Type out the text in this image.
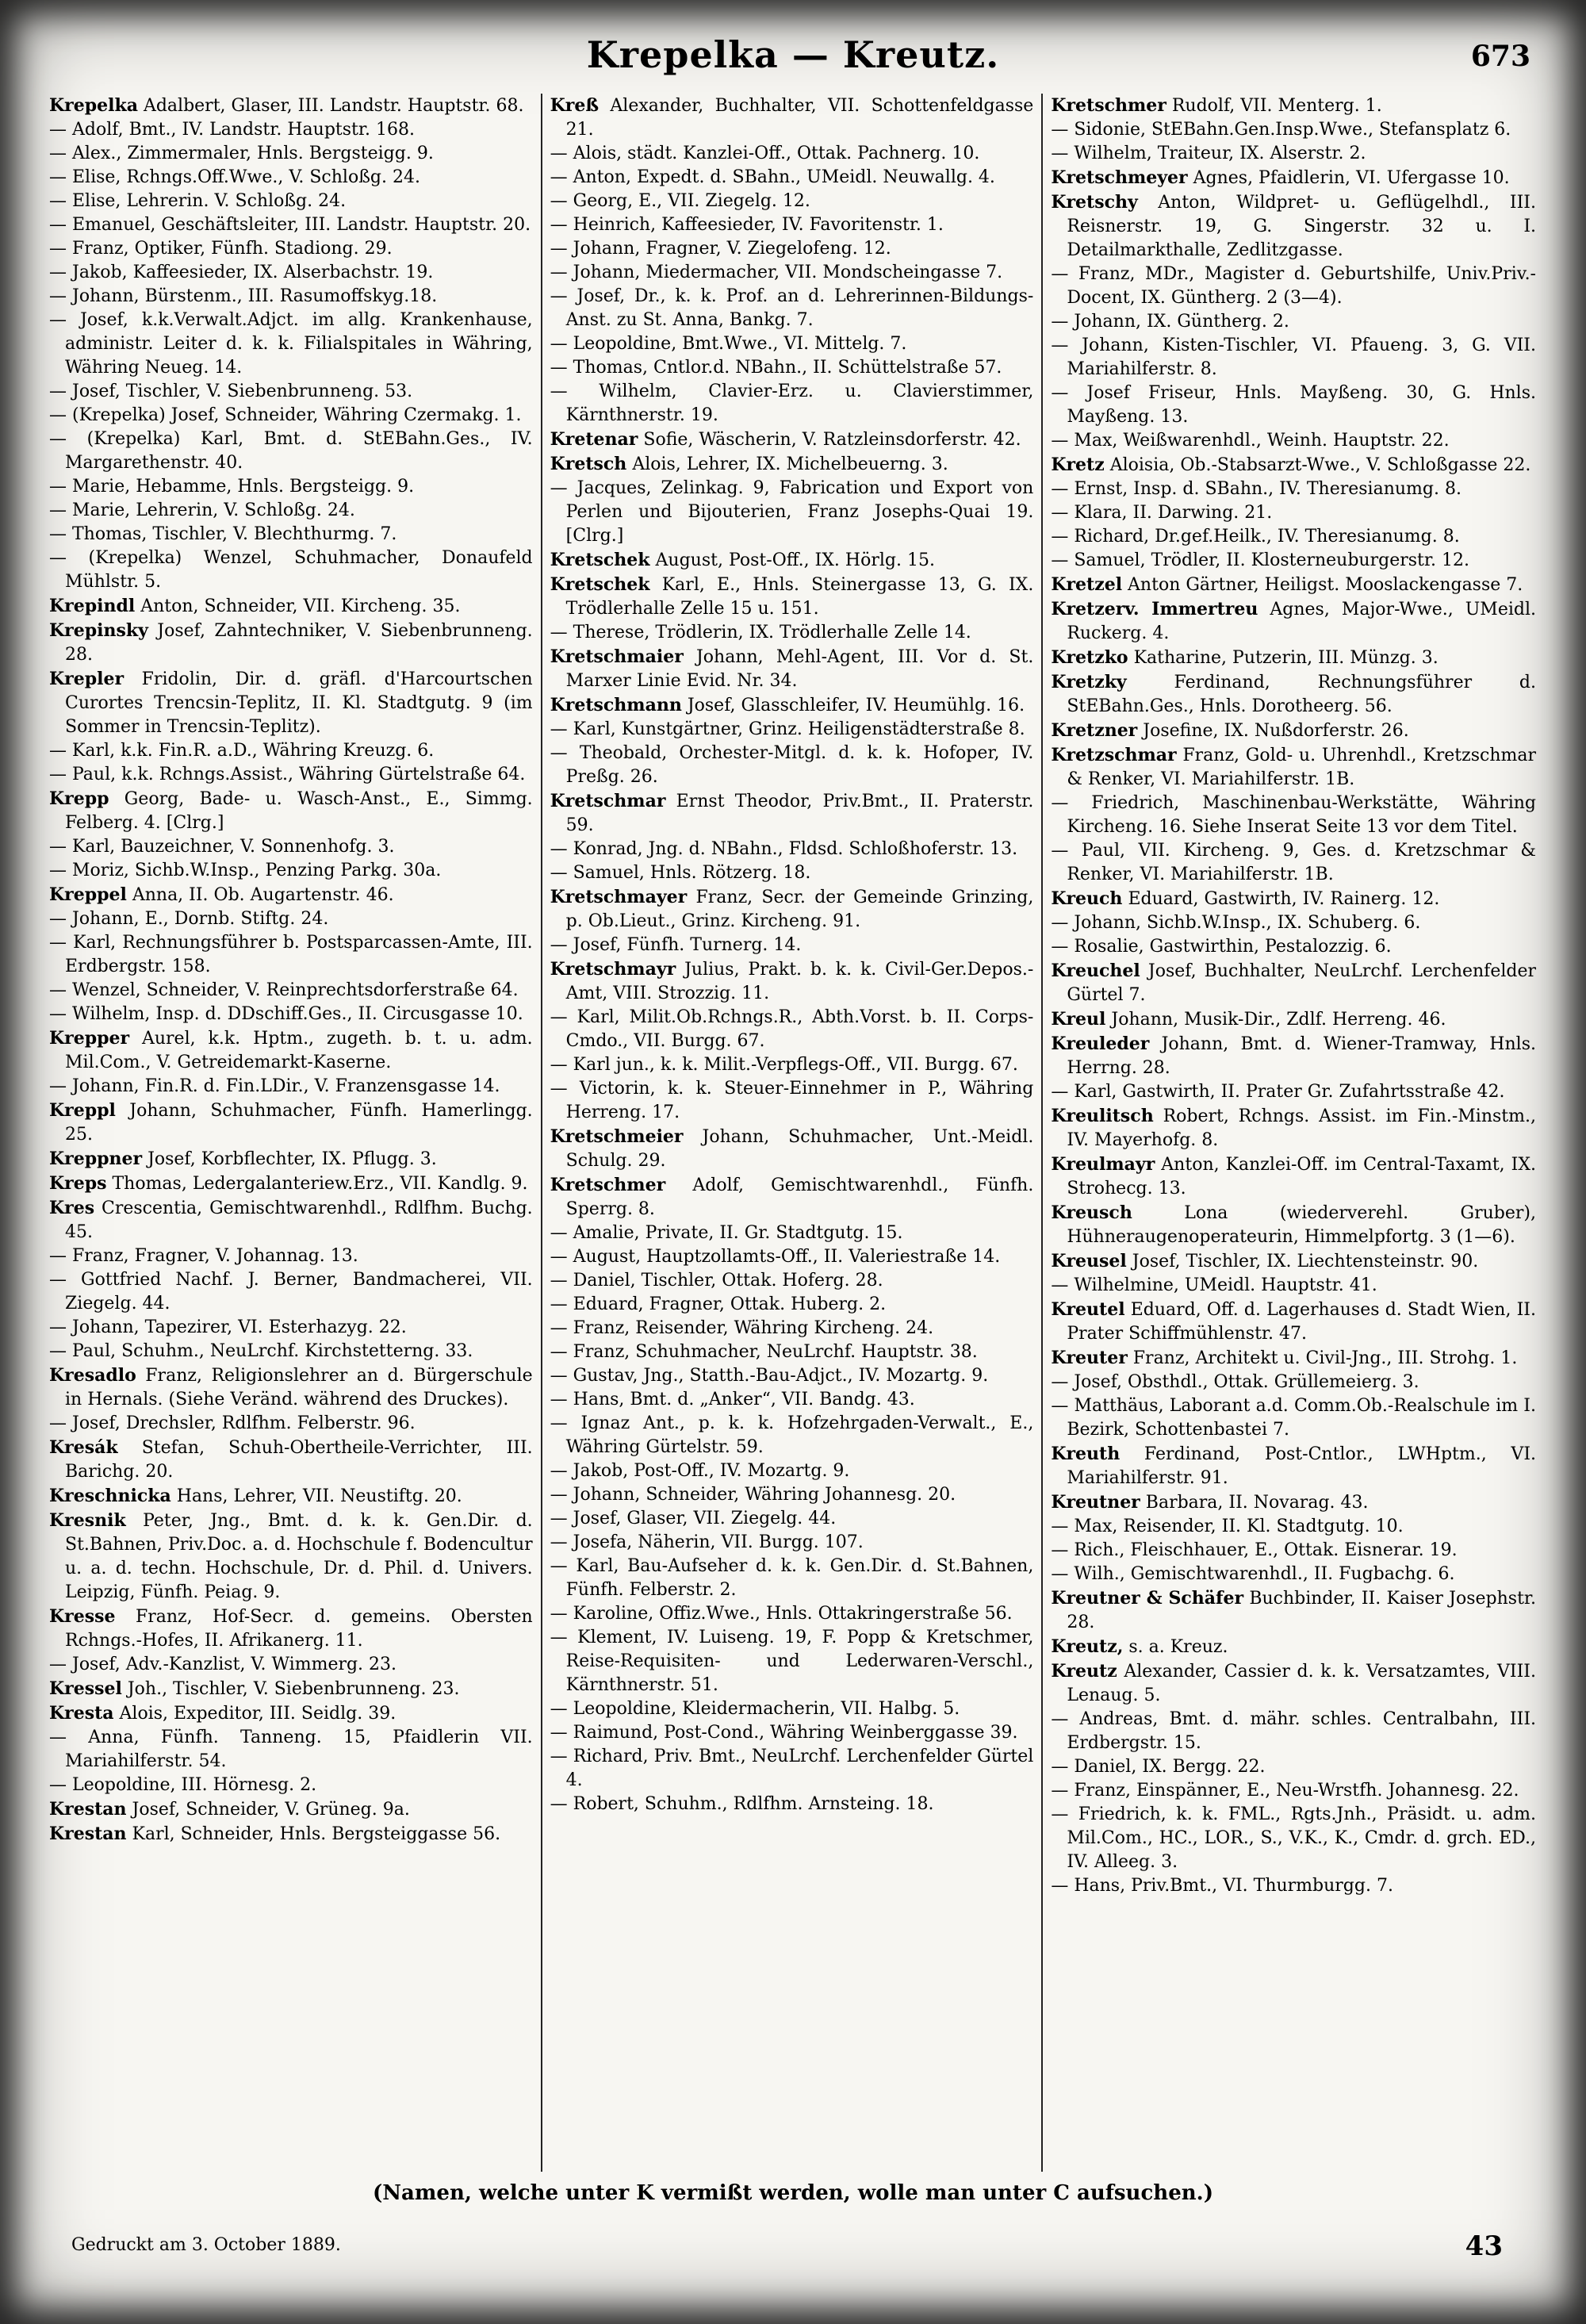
Krepelka — Kreutz.	673

Krepelka Adalbert, Glaser, III. Landstr. Hauptstr. 68.

— Adolf, Bmt., IV. Landstr. Hauptstr. 168.

— Alex., Zimmermaler, Hnls. Bergsteigg. 9.

— Elise, Rchngs.Off.Wwe., V. Schloßg. 24.

— Elise, Lehrerin. V. Schloßg. 24.

— Emanuel, Geschäftsleiter, III. Landstr. Hauptstr. 20.

— Franz, Optiker, Fünfh. Stadiong. 29.

— Jakob, Kaffeesieder, IX. Alserbachstr. 19.

— Johann, Bürstenm., III. Rasumoffskyg.18.

— Josef, k.k.Verwalt.Adjct. im allg. Krankenhause, administr. Leiter d. k. k. Filialspitales in Währing, Währing Neueg. 14.

— Josef, Tischler, V. Siebenbrunneng. 53.

— (Krepelka) Josef, Schneider, Währing Czermakg. 1.

— (Krepelka) Karl, Bmt. d. StEBahn.Ges., IV. Margarethenstr. 40.

— Marie, Hebamme, Hnls. Bergsteigg. 9.

— Marie, Lehrerin, V. Schloßg. 24.

— Thomas, Tischler, V. Blechthurmg. 7.

— (Krepelka) Wenzel, Schuhmacher, Donaufeld Mühlstr. 5.

Krepindl Anton, Schneider, VII. Kircheng. 35.

Krepinsky Josef, Zahntechniker, V. Siebenbrunneng. 28.

Krepler Fridolin, Dir. d. gräfl. d'Harcourtschen Curortes Trencsin-Teplitz, II. Kl. Stadtgutg. 9 (im Sommer in Trencsin-Teplitz).

— Karl, k.k. Fin.R. a.D., Währing Kreuzg. 6.

— Paul, k.k. Rchngs.Assist., Währing Gürtelstraße 64.

Krepp Georg, Bade- u. Wasch-Anst., E., Simmg. Felberg. 4. [Clrg.]

— Karl, Bauzeichner, V. Sonnenhofg. 3.

— Moriz, Sichb.W.Insp., Penzing Parkg. 30a.

Kreppel Anna, II. Ob. Augartenstr. 46.

— Johann, E., Dornb. Stiftg. 24.

— Karl, Rechnungsführer b. Postsparcassen-Amte, III. Erdbergstr. 158.

— Wenzel, Schneider, V. Reinprechtsdorferstraße 64.

— Wilhelm, Insp. d. DDschiff.Ges., II. Circusgasse 10.

Krepper Aurel, k.k. Hptm., zugeth. b. t. u. adm. Mil.Com., V. Getreidemarkt-Kaserne.

— Johann, Fin.R. d. Fin.LDir., V. Franzensgasse 14.

Kreppl Johann, Schuhmacher, Fünfh. Hamerlingg. 25.

Kreppner Josef, Korbflechter, IX. Pflugg. 3.

Kreps Thomas, Ledergalanteriew.Erz., VII. Kandlg. 9.

Kres Crescentia, Gemischtwarenhdl., Rdlfhm. Buchg. 45.

— Franz, Fragner, V. Johannag. 13.

— Gottfried Nachf. J. Berner, Bandmacherei, VII. Ziegelg. 44.

— Johann, Tapezirer, VI. Esterhazyg. 22.

— Paul, Schuhm., NeuLrchf. Kirchstetterng. 33.

Kresadlo Franz, Religionslehrer an d. Bürgerschule in Hernals. (Siehe Veränd. während des Druckes).

— Josef, Drechsler, Rdlfhm. Felberstr. 96.

Kresák Stefan, Schuh-Obertheile-Verrichter, III. Barichg. 20.

Kreschnicka Hans, Lehrer, VII. Neustiftg. 20.

Kresnik Peter, Jng., Bmt. d. k. k. Gen.Dir. d. St.Bahnen, Priv.Doc. a. d. Hochschule f. Bodencultur u. a. d. techn. Hochschule, Dr. d. Phil. d. Univers. Leipzig, Fünfh. Peiag. 9.

Kresse Franz, Hof-Secr. d. gemeins. Obersten Rchngs.-Hofes, II. Afrikanerg. 11.

— Josef, Adv.-Kanzlist, V. Wimmerg. 23.

Kressel Joh., Tischler, V. Siebenbrunneng. 23.

Kresta Alois, Expeditor, III. Seidlg. 39.

— Anna, Fünfh. Tanneng. 15, Pfaidlerin VII. Mariahilferstr. 54.

— Leopoldine, III. Hörnesg. 2.

Krestan Josef, Schneider, V. Grüneg. 9a.

Krestan Karl, Schneider, Hnls. Bergsteiggasse 56.

Kreß Alexander, Buchhalter, VII. Schottenfeldgasse 21.

— Alois, städt. Kanzlei-Off., Ottak. Pachnerg. 10.

— Anton, Expedt. d. SBahn., UMeidl. Neuwallg. 4.

— Georg, E., VII. Ziegelg. 12.

— Heinrich, Kaffeesieder, IV. Favoritenstr. 1.

— Johann, Fragner, V. Ziegelofeng. 12.

— Johann, Miedermacher, VII. Mondscheingasse 7.

— Josef, Dr., k. k. Prof. an d. Lehrerinnen-Bildungs-Anst. zu St. Anna, Bankg. 7.

— Leopoldine, Bmt.Wwe., VI. Mittelg. 7.

— Thomas, Cntlor.d. NBahn., II. Schüttelstraße 57.

— Wilhelm, Clavier-Erz. u. Clavierstimmer, Kärnthnerstr. 19.

Kretenar Sofie, Wäscherin, V. Ratzleinsdorferstr. 42.

Kretsch Alois, Lehrer, IX. Michelbeuerng. 3.

— Jacques, Zelinkag. 9, Fabrication und Export von Perlen und Bijouterien, Franz Josephs-Quai 19. [Clrg.]

Kretschek August, Post-Off., IX. Hörlg. 15.

Kretschek Karl, E., Hnls. Steinergasse 13, G. IX. Trödlerhalle Zelle 15 u. 151.

— Therese, Trödlerin, IX. Trödlerhalle Zelle 14.

Kretschmaier Johann, Mehl-Agent, III. Vor d. St. Marxer Linie Evid. Nr. 34.

Kretschmann Josef, Glasschleifer, IV. Heumühlg. 16.

— Karl, Kunstgärtner, Grinz. Heiligenstädterstraße 8.

— Theobald, Orchester-Mitgl. d. k. k. Hofoper, IV. Preßg. 26.

Kretschmar Ernst Theodor, Priv.Bmt., II. Praterstr. 59.

— Konrad, Jng. d. NBahn., Fldsd. Schloßhoferstr. 13.

— Samuel, Hnls. Rötzerg. 18.

Kretschmayer Franz, Secr. der Gemeinde Grinzing, p. Ob.Lieut., Grinz. Kircheng. 91.

— Josef, Fünfh. Turnerg. 14.

Kretschmayr Julius, Prakt. b. k. k. Civil-Ger.Depos.-Amt, VIII. Strozzig. 11.

— Karl, Milit.Ob.Rchngs.R., Abth.Vorst. b. II. Corps-Cmdo., VII. Burgg. 67.

— Karl jun., k. k. Milit.-Verpflegs-Off., VII. Burgg. 67.

— Victorin, k. k. Steuer-Einnehmer in P., Währing Herreng. 17.

Kretschmeier Johann, Schuhmacher, Unt.-Meidl. Schulg. 29.

Kretschmer Adolf, Gemischtwarenhdl., Fünfh. Sperrg. 8.

— Amalie, Private, II. Gr. Stadtgutg. 15.

— August, Hauptzollamts-Off., II. Valeriestraße 14.

— Daniel, Tischler, Ottak. Hoferg. 28.

— Eduard, Fragner, Ottak. Huberg. 2.

— Franz, Reisender, Währing Kircheng. 24.

— Franz, Schuhmacher, NeuLrchf. Hauptstr. 38.

— Gustav, Jng., Statth.-Bau-Adjct., IV. Mozartg. 9.

— Hans, Bmt. d. „Anker“, VII. Bandg. 43.

— Ignaz Ant., p. k. k. Hofzehrgaden-Verwalt., E., Währing Gürtelstr. 59.

— Jakob, Post-Off., IV. Mozartg. 9.

— Johann, Schneider, Währing Johannesg. 20.

— Josef, Glaser, VII. Ziegelg. 44.

— Josefa, Näherin, VII. Burgg. 107.

— Karl, Bau-Aufseher d. k. k. Gen.Dir. d. St.Bahnen, Fünfh. Felberstr. 2.

— Karoline, Offiz.Wwe., Hnls. Ottakringerstraße 56.

— Klement, IV. Luiseng. 19, F. Popp & Kretschmer, Reise-Requisiten- und Lederwaren-Verschl., Kärnthnerstr. 51.

— Leopoldine, Kleidermacherin, VII. Halbg. 5.

— Raimund, Post-Cond., Währing Weinberggasse 39.

— Richard, Priv. Bmt., NeuLrchf. Lerchenfelder Gürtel 4.

— Robert, Schuhm., Rdlfhm. Arnsteing. 18.

Kretschmer Rudolf, VII. Menterg. 1.

— Sidonie, StEBahn.Gen.Insp.Wwe., Stefansplatz 6.

— Wilhelm, Traiteur, IX. Alserstr. 2.

Kretschmeyer Agnes, Pfaidlerin, VI. Ufergasse 10.

Kretschy Anton, Wildpret- u. Geflügelhdl., III. Reisnerstr. 19, G. Singerstr. 32 u. I. Detailmarkthalle, Zedlitzgasse.

— Franz, MDr., Magister d. Geburtshilfe, Univ.Priv.-Docent, IX. Güntherg. 2 (3—4).

— Johann, IX. Güntherg. 2.

— Johann, Kisten-Tischler, VI. Pfaueng. 3, G. VII. Mariahilferstr. 8.

— Josef Friseur, Hnls. Mayßeng. 30, G. Hnls. Mayßeng. 13.

— Max, Weißwarenhdl., Weinh. Hauptstr. 22.

Kretz Aloisia, Ob.-Stabsarzt-Wwe., V. Schloßgasse 22.

— Ernst, Insp. d. SBahn., IV. Theresianumg. 8.

— Klara, II. Darwing. 21.

— Richard, Dr.gef.Heilk., IV. Theresianumg. 8.

— Samuel, Trödler, II. Klosterneuburgerstr. 12.

Kretzel Anton Gärtner, Heiligst. Mooslackengasse 7.

Kretzerv. Immertreu Agnes, Major-Wwe., UMeidl. Ruckerg. 4.

Kretzko Katharine, Putzerin, III. Münzg. 3.

Kretzky	Ferdinand, Rechnungsführer d. StEBahn.Ges., Hnls. Dorotheerg. 56.

Kretzner Josefine, IX. Nußdorferstr. 26.

Kretzschmar Franz, Gold- u. Uhrenhdl., Kretzschmar & Renker, VI. Mariahilferstr. 1B.

— Friedrich, Maschinenbau-Werkstätte, Währing Kircheng. 16. Siehe Inserat Seite 13 vor dem Titel.

— Paul, VII. Kircheng. 9, Ges. d. Kretzschmar & Renker, VI. Mariahilferstr. 1B.

Kreuch Eduard, Gastwirth, IV. Rainerg. 12.

— Johann, Sichb.W.Insp., IX. Schuberg. 6.

— Rosalie, Gastwirthin, Pestalozzig. 6.

Kreuchel Josef, Buchhalter, NeuLrchf. Lerchenfelder Gürtel 7.

Kreul Johann, Musik-Dir., Zdlf. Herreng. 46.

Kreuleder Johann, Bmt. d. Wiener-Tramway, Hnls. Herrng. 28.

— Karl, Gastwirth, II. Prater Gr. Zufahrtsstraße 42.

Kreulitsch Robert, Rchngs. Assist. im Fin.-Minstm., IV. Mayerhofg. 8.

Kreulmayr Anton, Kanzlei-Off. im Central-Taxamt, IX. Strohecg. 13.

Kreusch	Lona (wiederverehl. Gruber), Hühneraugenoperateurin, Himmelpfortg. 3 (1—6).

Kreusel Josef, Tischler, IX. Liechtensteinstr. 90.

— Wilhelmine, UMeidl. Hauptstr. 41.

Kreutel Eduard, Off. d. Lagerhauses d. Stadt Wien, II. Prater Schiffmühlenstr. 47.

Kreuter Franz, Architekt u. Civil-Jng., III. Strohg. 1.

— Josef, Obsthdl., Ottak. Grüllemeierg. 3.

— Matthäus, Laborant a.d. Comm.Ob.-Realschule im I. Bezirk, Schottenbastei 7.

Kreuth Ferdinand, Post-Cntlor., LWHptm., VI. Mariahilferstr. 91.

Kreutner Barbara, II. Novarag. 43.

— Max, Reisender, II. Kl. Stadtgutg. 10.

— Rich., Fleischhauer, E., Ottak. Eisnerar. 19.

— Wilh., Gemischtwarenhdl., II. Fugbachg. 6.

Kreutner & Schäfer Buchbinder, II. Kaiser Josephstr. 28.

Kreutz, s. a. Kreuz.

Kreutz Alexander, Cassier d. k. k. Versatzamtes, VIII. Lenaug. 5.

— Andreas, Bmt. d. mähr. schles. Centralbahn, III. Erdbergstr. 15.

— Daniel, IX. Bergg. 22.

— Franz, Einspänner, E., Neu-Wrstfh. Johannesg. 22.

— Friedrich, k. k. FML., Rgts.Jnh., Präsidt. u. adm. Mil.Com., HC., LOR., S., V.K., K., Cmdr. d. grch. ED., IV. Alleeg. 3.

— Hans, Priv.Bmt., VI. Thurmburgg. 7.

(Namen, welche unter K vermißt werden, wolle man unter C aufsuchen.)
Gedruckt am 3. October 1889.	43
